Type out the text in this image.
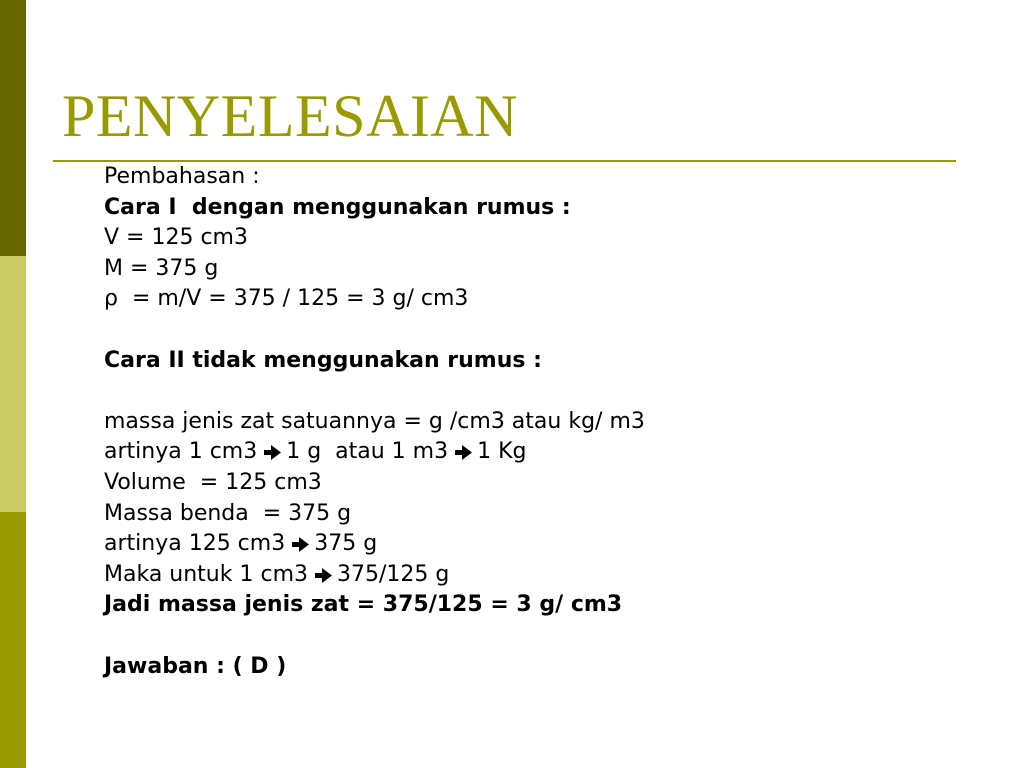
PENYELESAIAN
Pembahasan :
Cara I  dengan menggunakan rumus :
V = 125 cm3
M = 375 g
ρ  = m/V = 375 / 125 = 3 g/ cm3

Cara II tidak menggunakan rumus :

massa jenis zat satuannya = g /cm3 atau kg/ m3
artinya 1 cm3 1 g  atau 1 m3 1 Kg
Volume  = 125 cm3
Massa benda  = 375 g
artinya 125 cm3 375 g
Maka untuk 1 cm3 375/125 g
Jadi massa jenis zat = 375/125 = 3 g/ cm3

Jawaban : ( D )
